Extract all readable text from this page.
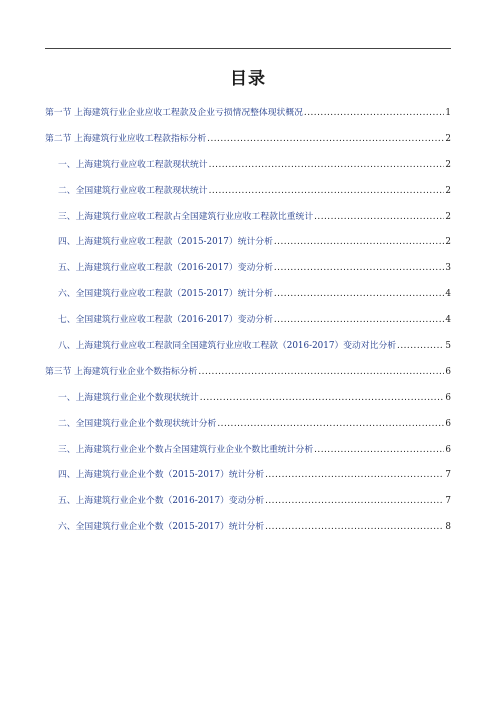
目录
第一节 上海建筑行业企业应收工程款及企业亏损情况整体现状概况 .....	1
第二节 上海建筑行业应收工程款指标分析 .....	2
一、上海建筑行业应收工程款现状统计 .....	2
二、全国建筑行业应收工程款现状统计 .....	2
三、上海建筑行业应收工程款占全国建筑行业应收工程款比重统计 .....	2
四、上海建筑行业应收工程款（2015-2017）统计分析 .....	2
五、上海建筑行业应收工程款（2016-2017）变动分析 .....	3
六、全国建筑行业应收工程款（2015-2017）统计分析 .....	4
七、全国建筑行业应收工程款（2016-2017）变动分析 .....	4
八、上海建筑行业应收工程款同全国建筑行业应收工程款（2016-2017）变动对比分析 .....	5
第三节 上海建筑行业企业个数指标分析 .....	6
一、上海建筑行业企业个数现状统计 .....	6
二、全国建筑行业企业个数现状统计分析 .....	6
三、上海建筑行业企业个数占全国建筑行业企业个数比重统计分析 .....	6
四、上海建筑行业企业个数（2015-2017）统计分析 .....	7
五、上海建筑行业企业个数（2016-2017）变动分析 .....	7
六、全国建筑行业企业个数（2015-2017）统计分析 .....	8
